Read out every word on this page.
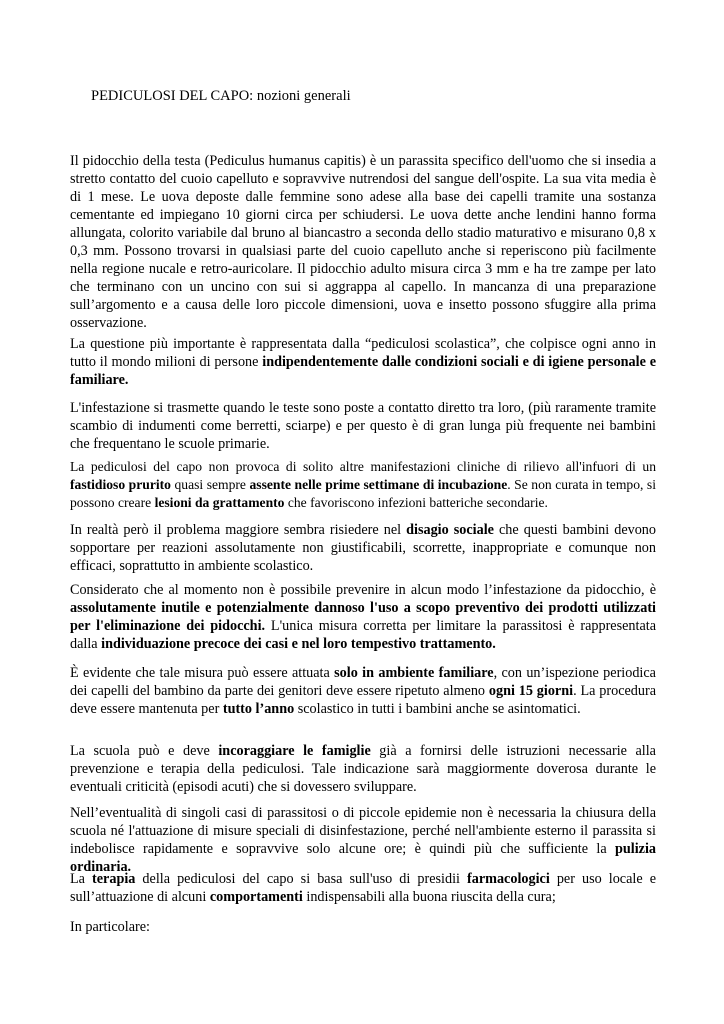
PEDICULOSI DEL CAPO: nozioni generali

Il pidocchio della testa (Pediculus humanus capitis) è un parassita specifico dell'uomo che si insedia a stretto contatto del cuoio capelluto e sopravvive nutrendosi del sangue dell'ospite. La sua vita media è di 1 mese. Le uova deposte dalle femmine sono adese alla base dei capelli tramite una sostanza cementante ed impiegano 10 giorni circa per schiudersi. Le uova dette anche lendini hanno forma allungata, colorito variabile dal bruno al biancastro a seconda dello stadio maturativo e misurano 0,8 x 0,3 mm. Possono trovarsi in qualsiasi parte del cuoio capelluto anche si reperiscono più facilmente nella regione nucale e retro-auricolare. Il pidocchio adulto misura circa 3 mm e ha tre zampe per lato che terminano con un uncino con sui si aggrappa al capello. In mancanza di una preparazione sull’argomento e a causa delle loro piccole dimensioni, uova e insetto possono sfuggire alla prima osservazione.

La questione più importante è rappresentata dalla “pediculosi scolastica”, che colpisce ogni anno in tutto il mondo milioni di persone indipendentemente dalle condizioni sociali e di igiene personale e familiare.

L'infestazione si trasmette quando le teste sono poste a contatto diretto tra loro, (più raramente tramite scambio di indumenti come berretti, sciarpe) e per questo è di gran lunga più frequente nei bambini che frequentano le scuole primarie.

La pediculosi del capo non provoca di solito altre manifestazioni cliniche di rilievo all'infuori di un fastidioso prurito quasi sempre assente nelle prime settimane di incubazione. Se non curata in tempo, si possono creare lesioni da grattamento che favoriscono infezioni batteriche secondarie.

In realtà però il problema maggiore sembra risiedere nel disagio sociale che questi bambini devono sopportare per reazioni assolutamente non giustificabili, scorrette, inappropriate e comunque non efficaci, soprattutto in ambiente scolastico.

Considerato che al momento non è possibile prevenire in alcun modo l’infestazione da pidocchio, è assolutamente inutile e potenzialmente dannoso l'uso a scopo preventivo dei prodotti utilizzati per l'eliminazione dei pidocchi. L'unica misura corretta per limitare la parassitosi è rappresentata dalla individuazione precoce dei casi e nel loro tempestivo trattamento.

È evidente che tale misura può essere attuata solo in ambiente familiare, con un’ispezione periodica dei capelli del bambino da parte dei genitori deve essere ripetuto almeno ogni 15 giorni. La procedura deve essere mantenuta per tutto l’anno scolastico in tutti i bambini anche se asintomatici.

La scuola può e deve incoraggiare le famiglie già a fornirsi delle istruzioni necessarie alla prevenzione e terapia della pediculosi. Tale indicazione sarà maggiormente doverosa durante le eventuali criticità (episodi acuti) che si dovessero sviluppare.

Nell’eventualità di singoli casi di parassitosi o di piccole epidemie non è necessaria la chiusura della scuola né l'attuazione di misure speciali di disinfestazione, perché nell'ambiente esterno il parassita si indebolisce rapidamente e sopravvive solo alcune ore; è quindi più che sufficiente la pulizia ordinaria.

La terapia della pediculosi del capo si basa sull'uso di presidii farmacologici per uso locale e sull’attuazione di alcuni comportamenti indispensabili alla buona riuscita della cura;

In particolare:
